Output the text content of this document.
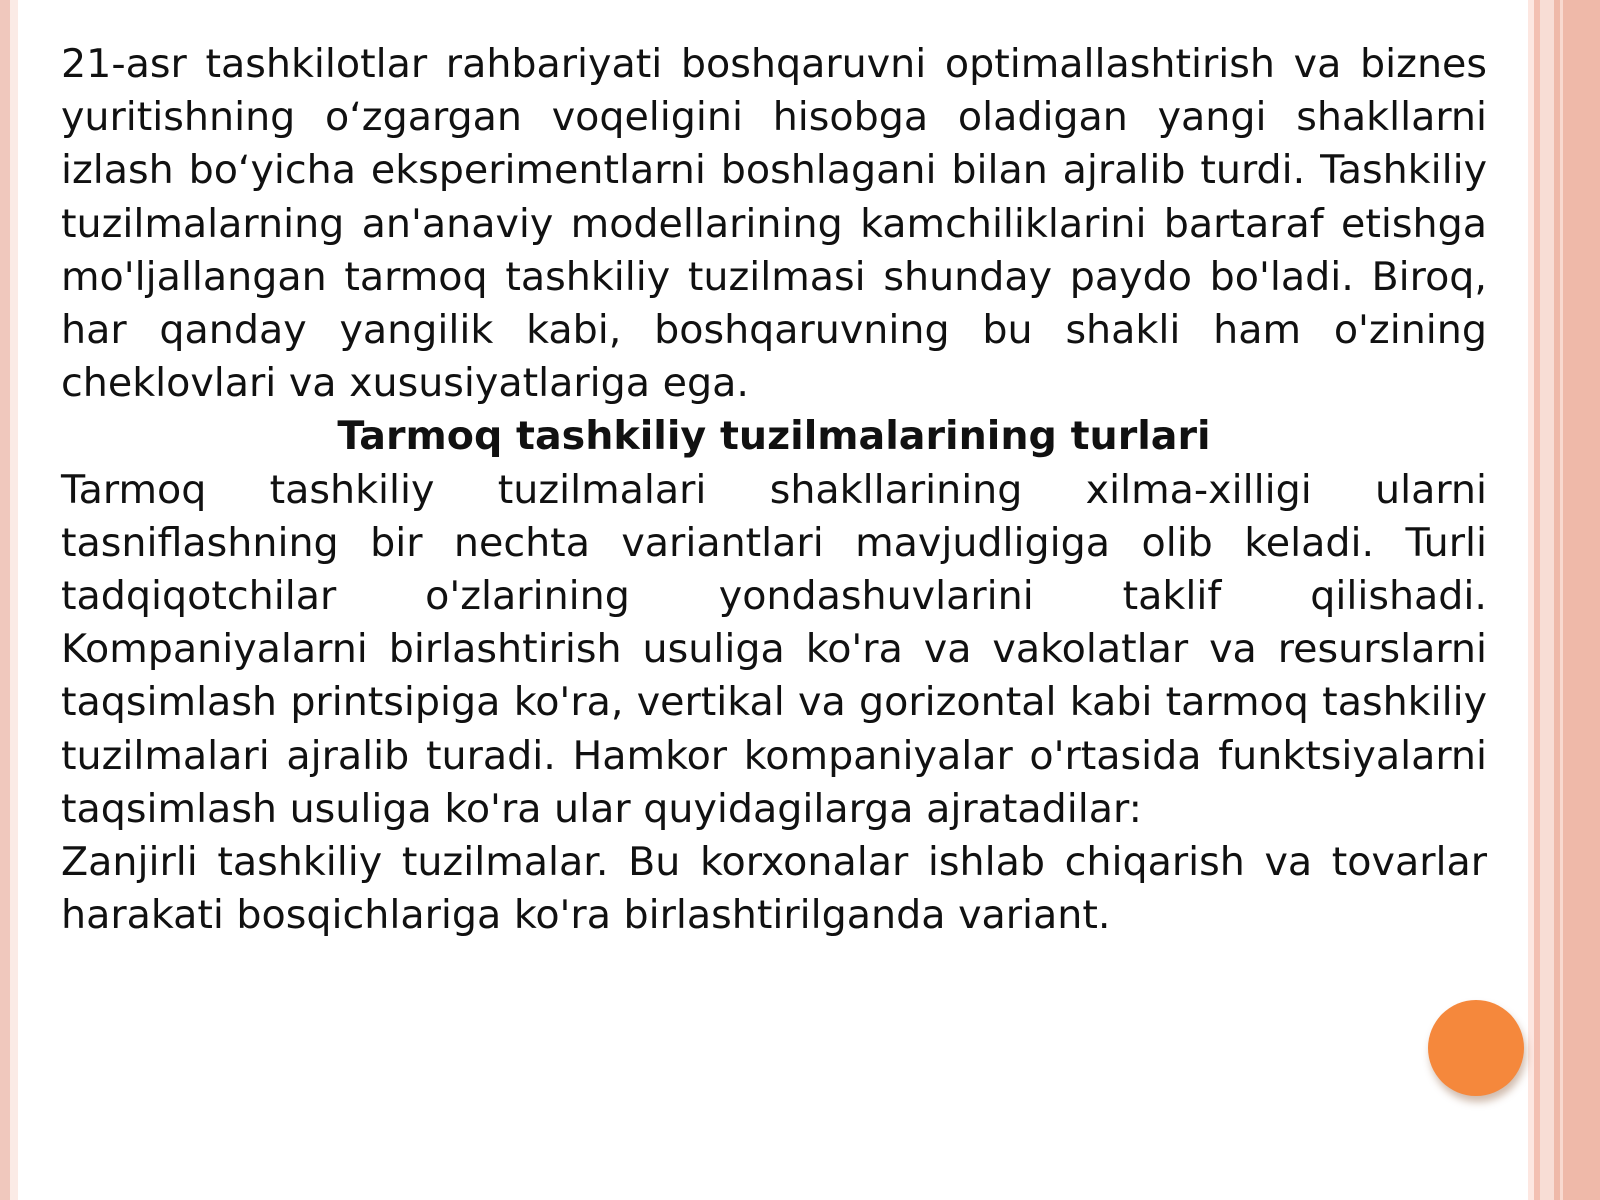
21-asr tashkilotlar rahbariyati boshqaruvni optimallashtirish va biznes yuritishning oʻzgargan voqeligini hisobga oladigan yangi shakllarni izlash boʻyicha eksperimentlarni boshlagani bilan ajralib turdi. Tashkiliy tuzilmalarning an'anaviy modellarining kamchiliklarini bartaraf etishga mo'ljallangan tarmoq tashkiliy tuzilmasi shunday paydo bo'ladi. Biroq, har qanday yangilik kabi, boshqaruvning bu shakli ham o'zining cheklovlari va xususiyatlariga ega.

Tarmoq tashkiliy tuzilmalarining turlari

Tarmoq tashkiliy tuzilmalari shakllarining xilma-xilligi ularni tasniflashning bir nechta variantlari mavjudligiga olib keladi. Turli tadqiqotchilar o'zlarining yondashuvlarini taklif qilishadi. Kompaniyalarni birlashtirish usuliga ko'ra va vakolatlar va resurslarni taqsimlash printsipiga ko'ra, vertikal va gorizontal kabi tarmoq tashkiliy tuzilmalari ajralib turadi. Hamkor kompaniyalar o'rtasida funktsiyalarni taqsimlash usuliga ko'ra ular quyidagilarga ajratadilar:

Zanjirli tashkiliy tuzilmalar. Bu korxonalar ishlab chiqarish va tovarlar harakati bosqichlariga ko'ra birlashtirilganda variant.
